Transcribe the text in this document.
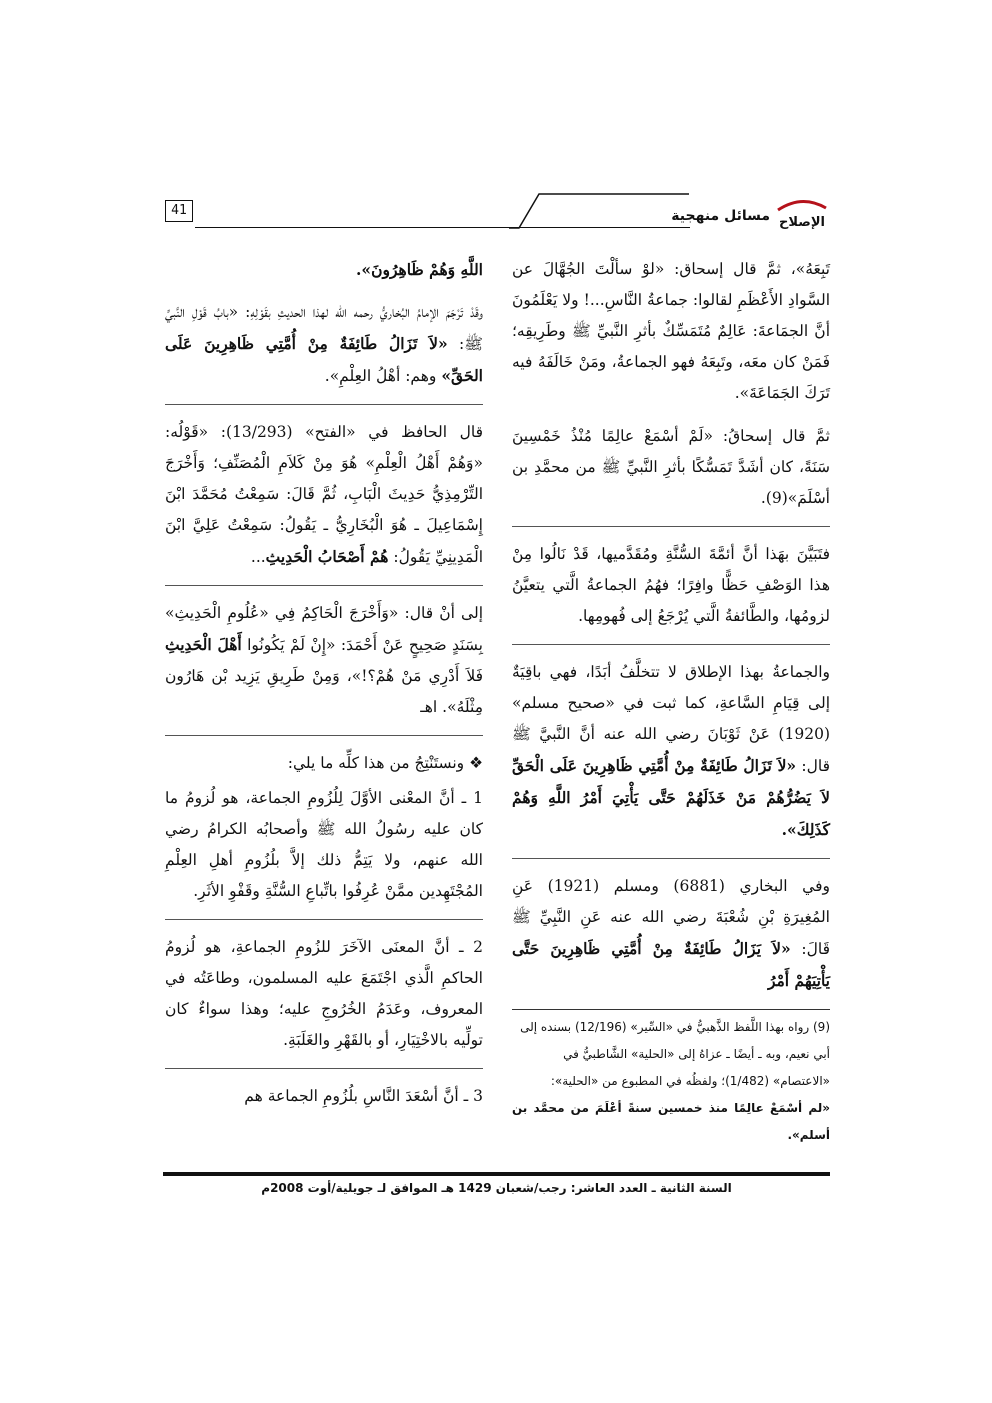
41	مسائل منهجية الإصلاح

تَبِعَهُ»، ثمَّ قال إسحاق: «لوْ سألْتَ الجُهَّالَ عن السَّوادِ الأَعْظَمِ لقالوا: جماعةُ النَّاسِ...! ولا يَعْلَمُونَ أنَّ الجمَاعةَ: عَالِمٌ مُتَمَسِّكٌ بأثرِ النَّبيِّ ﷺ وطَرِيقِه؛ فَمَنْ كان معَه، وتَبِعَهُ فهو الجماعةُ، ومَنْ خَالَفَهُ فيه تَرَكَ الجَمَاعَةَ».

ثمَّ قال إسحاقُ: «لَمْ أسْمَعْ عالِمًا مُنْذُ خَمْسِينَ سَنَةً، كان أشَدَّ تَمَسُّكًا بأثرِ النَّبيِّ ﷺ من محمَّدِ بن أسْلَمَ»(9).

فتَبَيَّنَ بهَذا أنَّ أئمَّةَ السُّنَّةِ ومُقَدَّميها، قَدْ نَالُوا مِنْ هذا الوَصْفِ حَظًّا وافِرًا؛ فهُمُ الجماعةُ الَّتي يتعيَّنُ لزومُها، والطَّائفةُ الَّتي يُرْجَعُ إلى فُهومِها.

والجماعةُ بهذا الإطلاق لا تتخلَّفُ أبَدًا، فهي باقِيَةٌ إلى قِيَامِ السَّاعةِ، كما ثبت في «صحيح مسلم» (1920) عَنْ ثَوْبَانَ رضي الله عنه أنَّ النَّبيَّ ﷺ قال: «لاَ تَزَالُ طَائِفَةٌ مِنْ أُمَّتِي ظَاهِرِينَ عَلَى الْحَقِّ لاَ يَضُرُّهُمْ مَنْ خَذَلَهُمْ حَتَّى يَأْتِيَ أَمْرُ اللَّهِ وَهُمْ كَذَلِكَ».

وفي البخاري (6881) ومسلم (1921) عَنِ المُغِيرَةِ بْنِ شُعْبَةَ رضي الله عنه عَنِ النَّبِيِّ ﷺ قَالَ: «لاَ يَزَالُ طَائِفَةٌ مِنْ أُمَّتِي ظَاهِرِينَ حَتَّى يَأْتِيَهُمْ أَمْرُ

(9) رواه بهذا اللَّفظ الذَّهبيُّ في «السِّير» (12/196) بسنده إلى

أبي نعيم، وبه ـ أيضًا ـ عزاهُ إلى «الحلية» الشَّاطبيُّ في

«الاعتصام» (1/482)؛ ولفظُه في المطبوع من «الحلية»:

«لم أسْمَعْ عالِمًا منذ خمسين سنةً أعْلَمَ من محمَّد بن أسلم».

اللَّهِ وَهُمْ ظَاهِرُونَ».

وقَدْ تَرْجَمَ الإمامُ البُخاريُّ رحمه الله لهذا الحديثِ بقَوْلِهِ: «بابُ قَوْلِ النَّبيِّ ﷺ: «لاَ تَزَالُ طَائِفَةٌ مِنْ أُمَّتِي ظَاهِرِينَ عَلَى الحَقِّ» وهم: أهْلُ العِلْمِ».

قال الحافظ في «الفتح» (13/293): «قَوْلُه: «وَهُمْ أَهْلُ الْعِلْمِ» هُوَ مِنْ كَلاَمِ الْمُصَنِّفِ؛ وَأَخْرَجَ التِّرْمِذِيُّ حَدِيثَ الْبَابِ، ثُمَّ قَالَ: سَمِعْتُ مُحَمَّدَ ابْنَ إِسْمَاعِيلَ ـ هُوَ الْبُخَارِيُّ ـ يَقُولُ: سَمِعْتُ عَلِيَّ ابْنَ الْمَدِينِيِّ يَقُولُ: هُمْ أَصْحَابُ الْحَدِيثِ...

إلى أنْ قال: «وَأَخْرَجَ الْحَاكِمُ فِي «عُلُومِ الْحَدِيثِ» بِسَنَدٍ صَحِيحٍ عَنْ أَحْمَدَ: «إِنْ لَمْ يَكُونُوا أَهْلَ الْحَدِيثِ فَلاَ أَدْرِي مَنْ هُمْ؟!»، وَمِنْ طَرِيقِ يَزِيد بْن هَارُون مِثْلَهُ». اهـ

❖ ونستَنْتِجُ من هذا كلِّه ما يلي:

1 ـ أنَّ المعْنى الأوَّلَ لِلُزُومِ الجماعة، هو لُزومُ ما كان عليه رسُولُ الله ﷺ وأصحابُه الكرامُ رضي الله عنهم، ولا يَتِمُّ ذلك إلاَّ بلُزُومِ أهلِ العِلْمِ المُجْتَهِدين ممَّنْ عُرِفُوا باتِّباعِ السُّنَّةِ وقَفْوِ الأثَرِ.

2 ـ أنَّ المعنَى الآخَرَ للزُومِ الجماعةِ، هو لُزومُ الحاكمِ الَّذي اجْتَمَعَ عليه المسلمون، وطاعَتُه في المعروف، وعَدَمُ الخُرُوجِ عليه؛ وهذا سواءٌ كان تولِّيه بالاخْتِيَارِ، أو بالقَهْرِ والغَلَبَةِ.

3 ـ أنَّ أسْعَدَ النَّاسِ بلُزُومِ الجماعة هم

السنة الثانية ـ العدد العاشر: رجب/شعبان 1429 هـ الموافق لـ جويلية/أوت 2008م
